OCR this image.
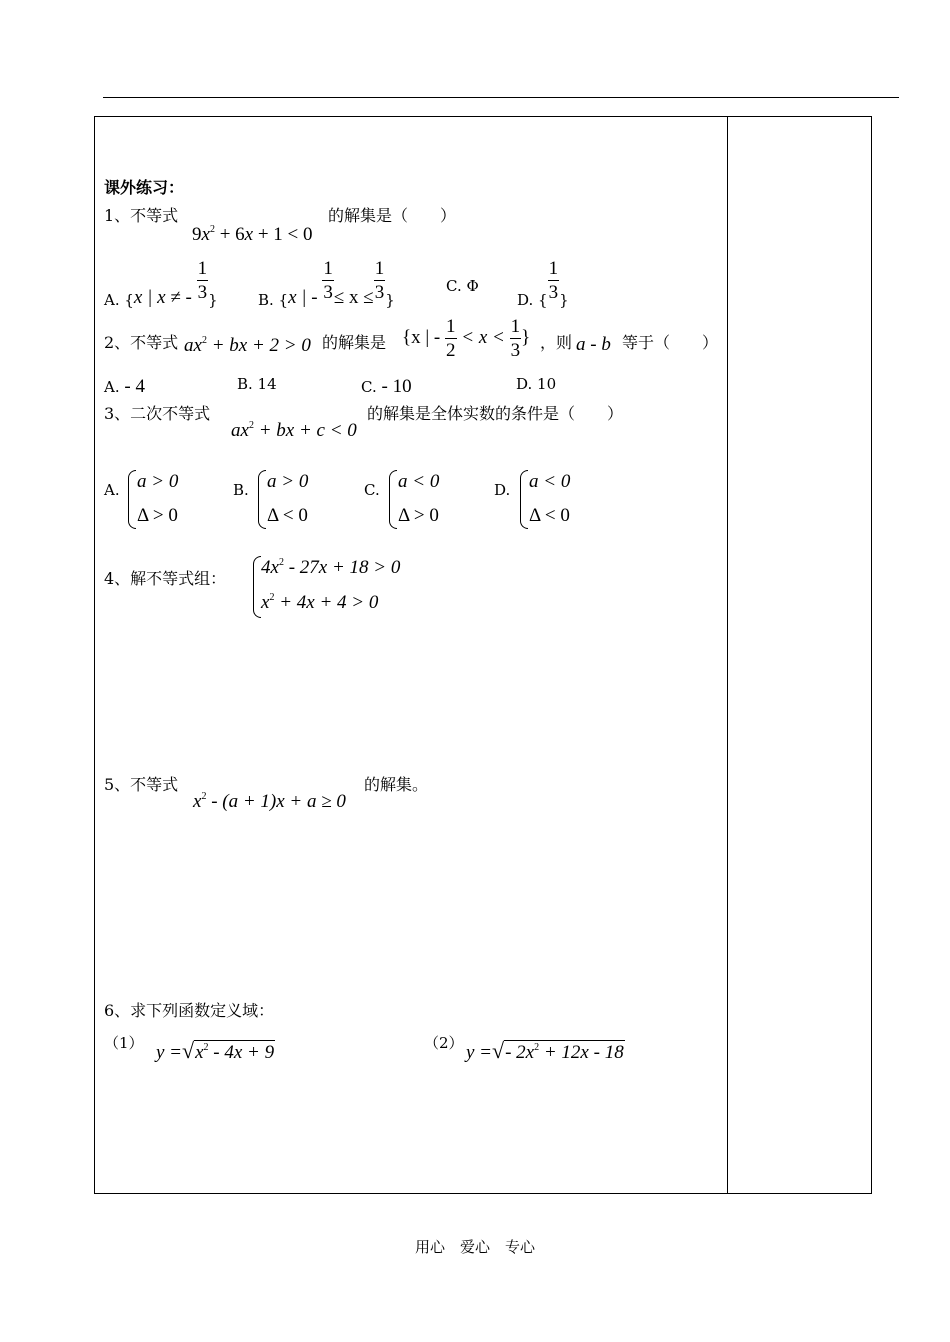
课外练习：
1、不等式
$9x^2 + 6x + 1 < 0$
的解集是（　　）
A. {x | x ≠ - $\frac{1}{3}$ }	B. {x | - $\frac{1}{3} \le x \le \frac{1}{3}$ }
C. Φ
D. { $\frac{1}{3}$ }
2、不等式 $ax^2$ + bx + 2 > 0 的解集是 {x | - $\frac{1}{2} < x < \frac{1}{3}$ } ，则 a - b 等于（　　）
A. - 4	B. 14	C. - 10	D. 10
3、二次不等式
$ax^2$ + bx + c < 0
的解集是全体实数的条件是（　　）
A. a > 0
Δ > 0
B. a > 0
Δ < 0
C. a < 0
Δ > 0
D. a < 0
Δ < 0
4、解不等式组：
$4x^2 - 27x + 18 > 0$
$x^2 + 4x + 4 > 0$
5、不等式
$x^2 - (a + 1)x + a \ge 0$
的解集。
6、求下列函数定义域：
（1） $y =√x^2 - 4x + 9$	（2） y =√- $2x^2 + 12x - 18$
用心　爱心　专心
